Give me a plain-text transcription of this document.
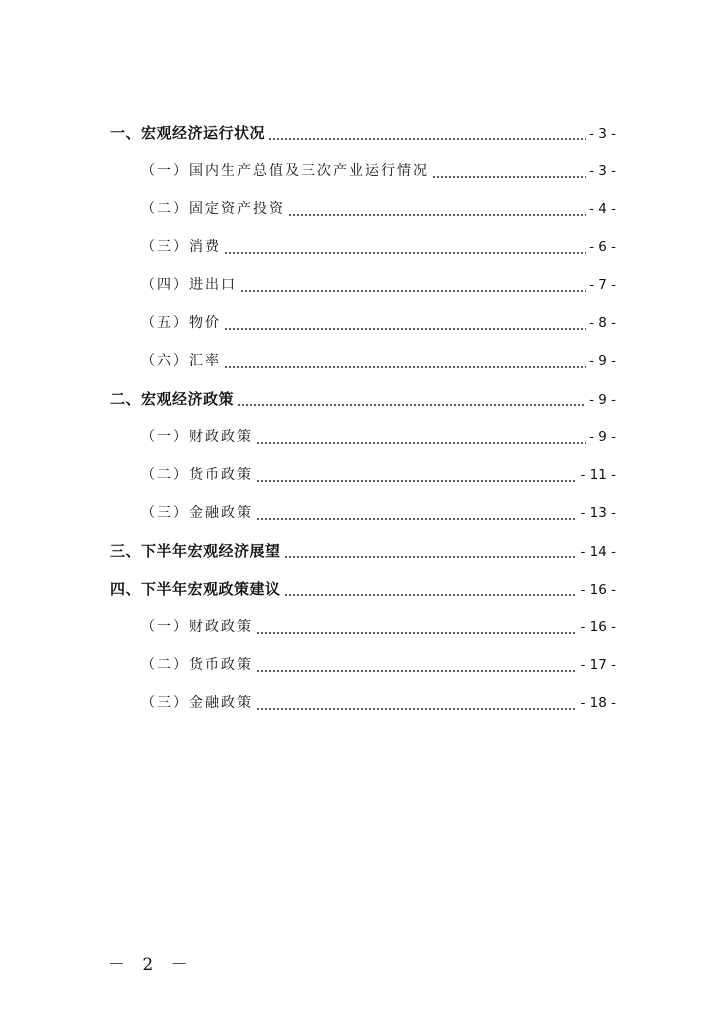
一、宏观经济运行状况	- 3 -
（一）国内生产总值及三次产业运行情况	- 3 -
（二）固定资产投资	- 4 -
（三）消费	- 6 -
（四）进出口	- 7 -
（五）物价	- 8 -
（六）汇率	- 9 -
二、宏观经济政策	- 9 -
（一）财政政策	- 9 -
（二）货币政策	- 11 -
（三）金融政策	- 13 -
三、下半年宏观经济展望	- 14 -
四、下半年宏观政策建议	- 16 -
（一）财政政策	- 16 -
（二）货币政策	- 17 -
（三）金融政策	- 18 -
－ 2 －
